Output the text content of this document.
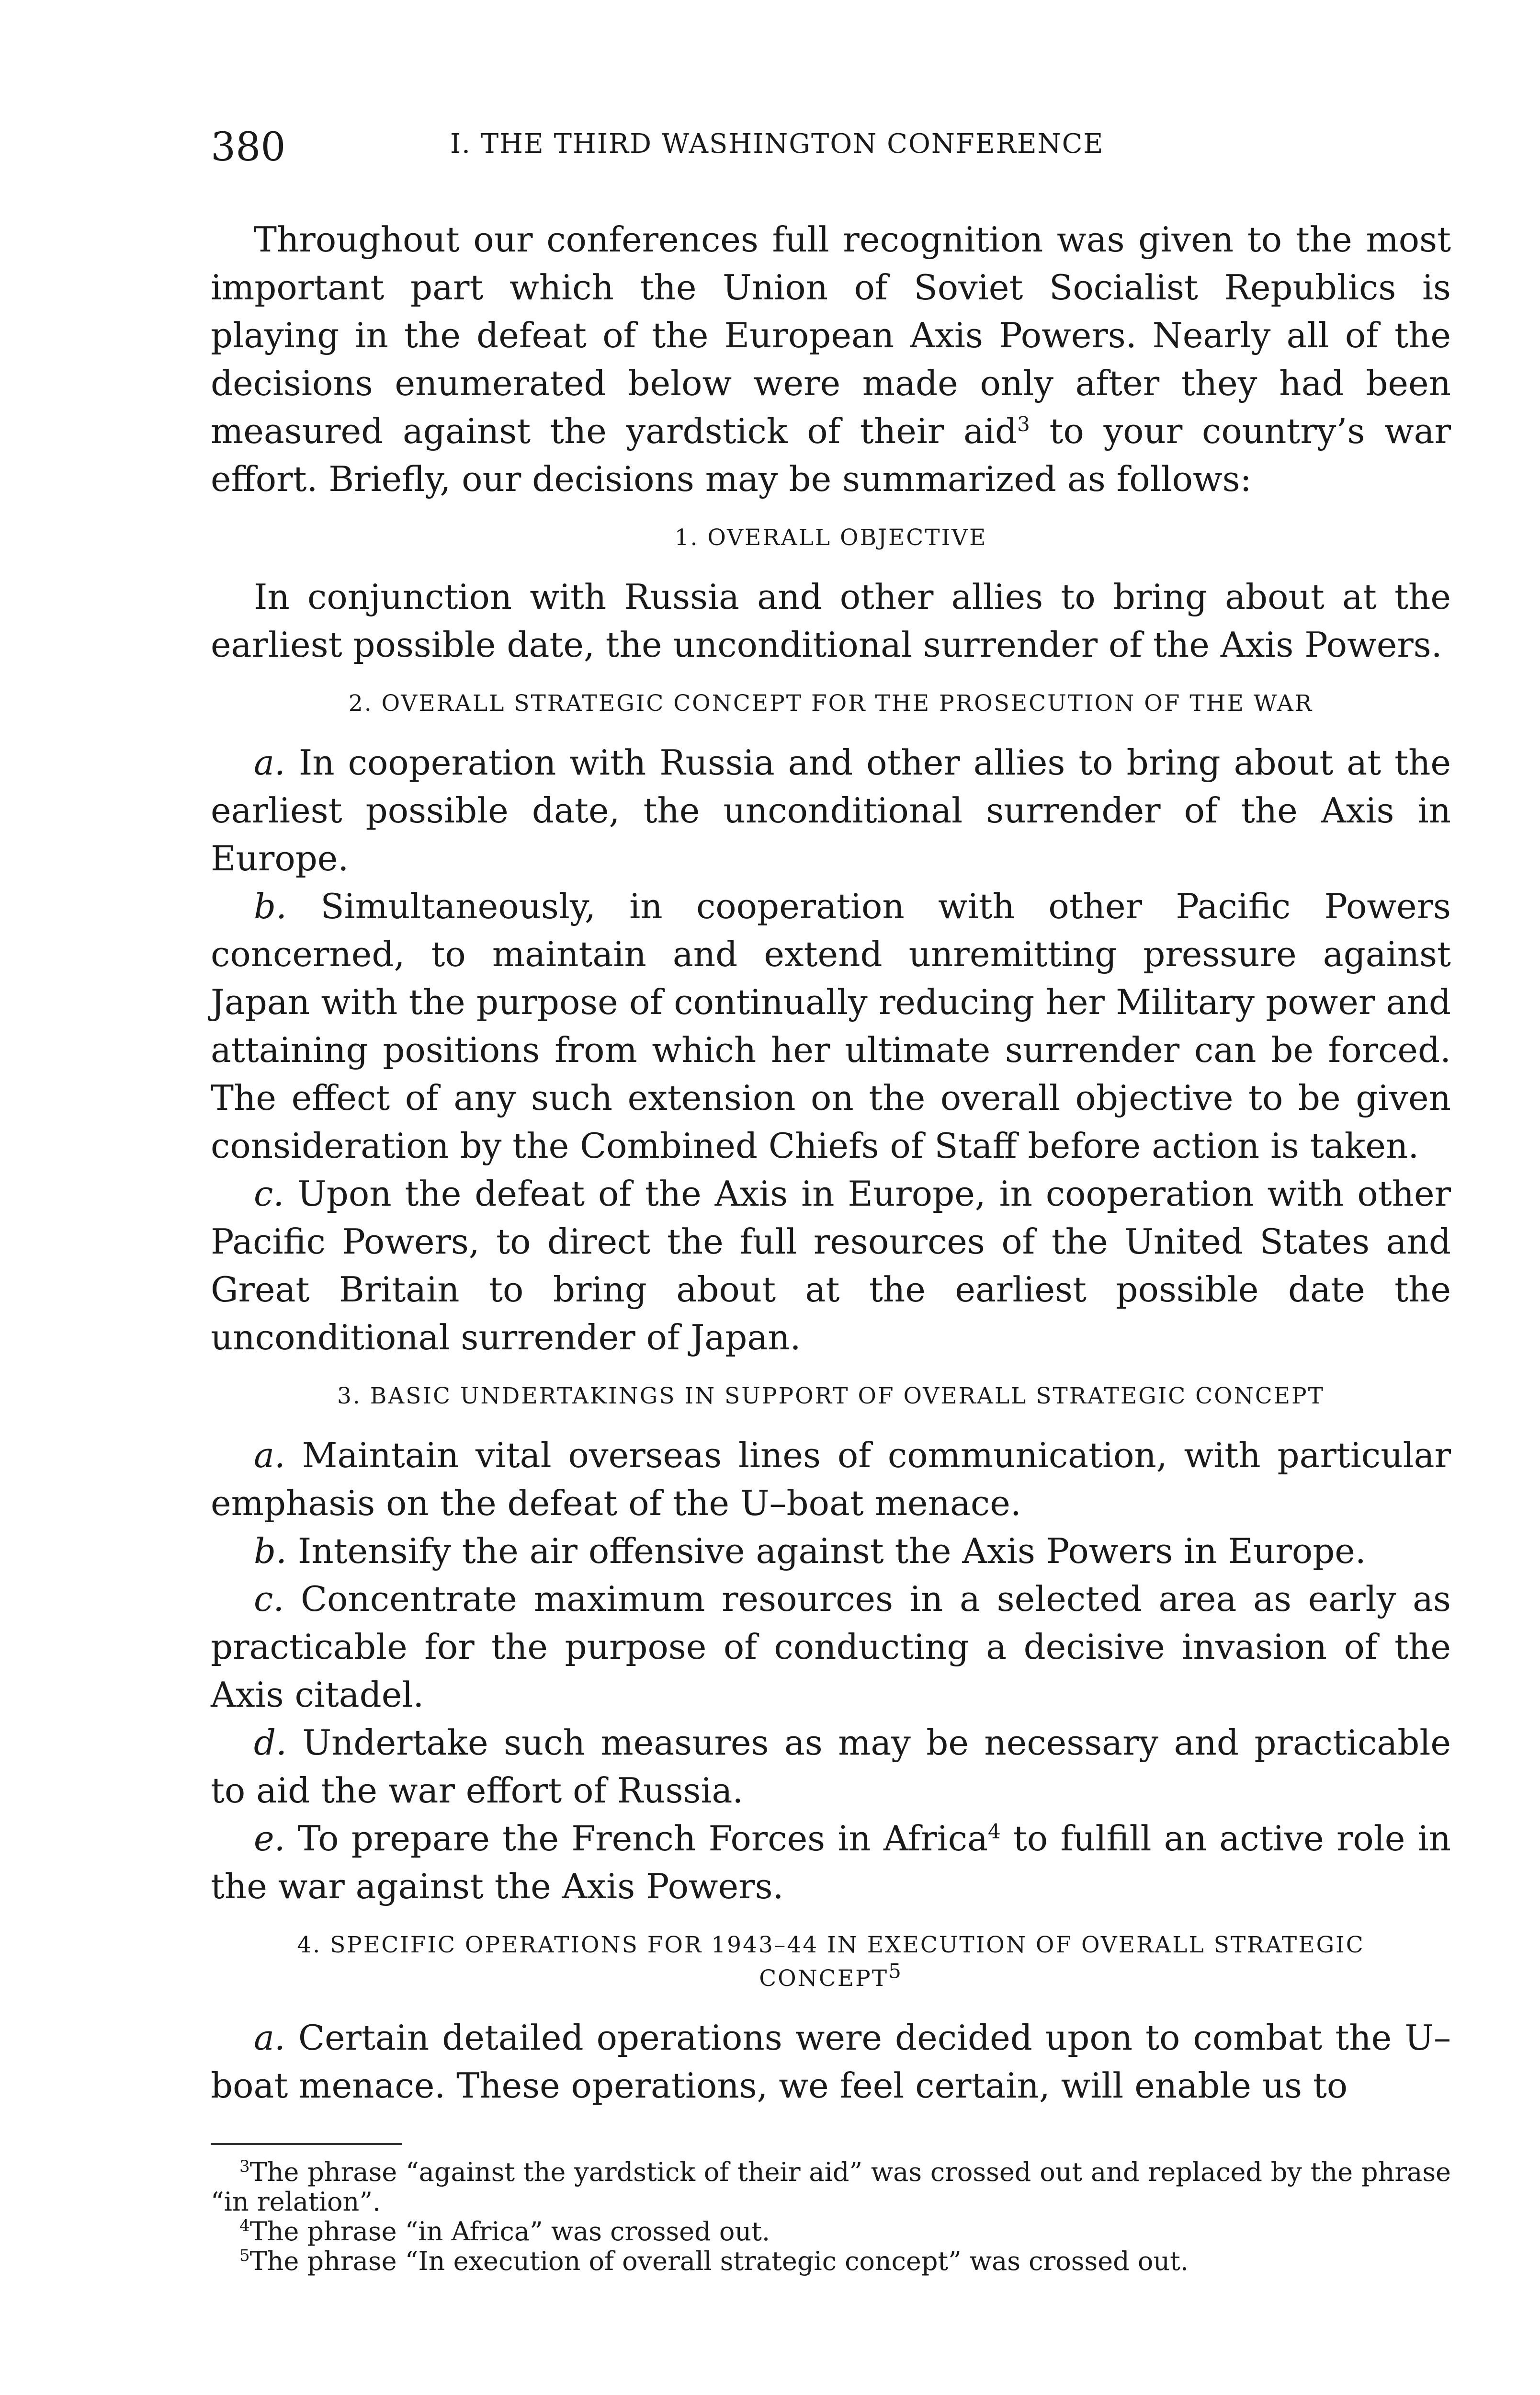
380	I. THE THIRD WASHINGTON CONFERENCE

Throughout our conferences full recognition was given to the most important part which the Union of Soviet Socialist Republics is playing in the defeat of the European Axis Powers. Nearly all of the decisions enumerated below were made only after they had been measured against the yardstick of their aid$^3$ to your country’s war effort. Briefly, our decisions may be summarized as follows:

1. OVERALL OBJECTIVE

In conjunction with Russia and other allies to bring about at the earliest possible date, the unconditional surrender of the Axis Powers.

2. OVERALL STRATEGIC CONCEPT FOR THE PROSECUTION OF THE WAR

a. In cooperation with Russia and other allies to bring about at the earliest possible date, the unconditional surrender of the Axis in Europe.

b. Simultaneously, in cooperation with other Pacific Powers concerned, to maintain and extend unremitting pressure against Japan with the purpose of continually reducing her Military power and attaining positions from which her ultimate surrender can be forced. The effect of any such extension on the overall objective to be given consideration by the Combined Chiefs of Staff before action is taken.

c. Upon the defeat of the Axis in Europe, in cooperation with other Pacific Powers, to direct the full resources of the United States and Great Britain to bring about at the earliest possible date the unconditional surrender of Japan.

3. BASIC UNDERTAKINGS IN SUPPORT OF OVERALL STRATEGIC CONCEPT

a. Maintain vital overseas lines of communication, with particular emphasis on the defeat of the U–boat menace.

b. Intensify the air offensive against the Axis Powers in Europe.

c. Concentrate maximum resources in a selected area as early as practicable for the purpose of conducting a decisive invasion of the Axis citadel.

d. Undertake such measures as may be necessary and practicable to aid the war effort of Russia.

e. To prepare the French Forces in Africa$^4$ to fulfill an active role in the war against the Axis Powers.

4. SPECIFIC OPERATIONS FOR 1943–44 IN EXECUTION OF OVERALL STRATEGIC
CONCEPT5

a. Certain detailed operations were decided upon to combat the U–boat menace. These operations, we feel certain, will enable us to

$^3$The phrase “against the yardstick of their aid” was crossed out and replaced by the phrase “in relation”.

$^4$The phrase “in Africa” was crossed out.

$^5$The phrase “In execution of overall strategic concept” was crossed out.
